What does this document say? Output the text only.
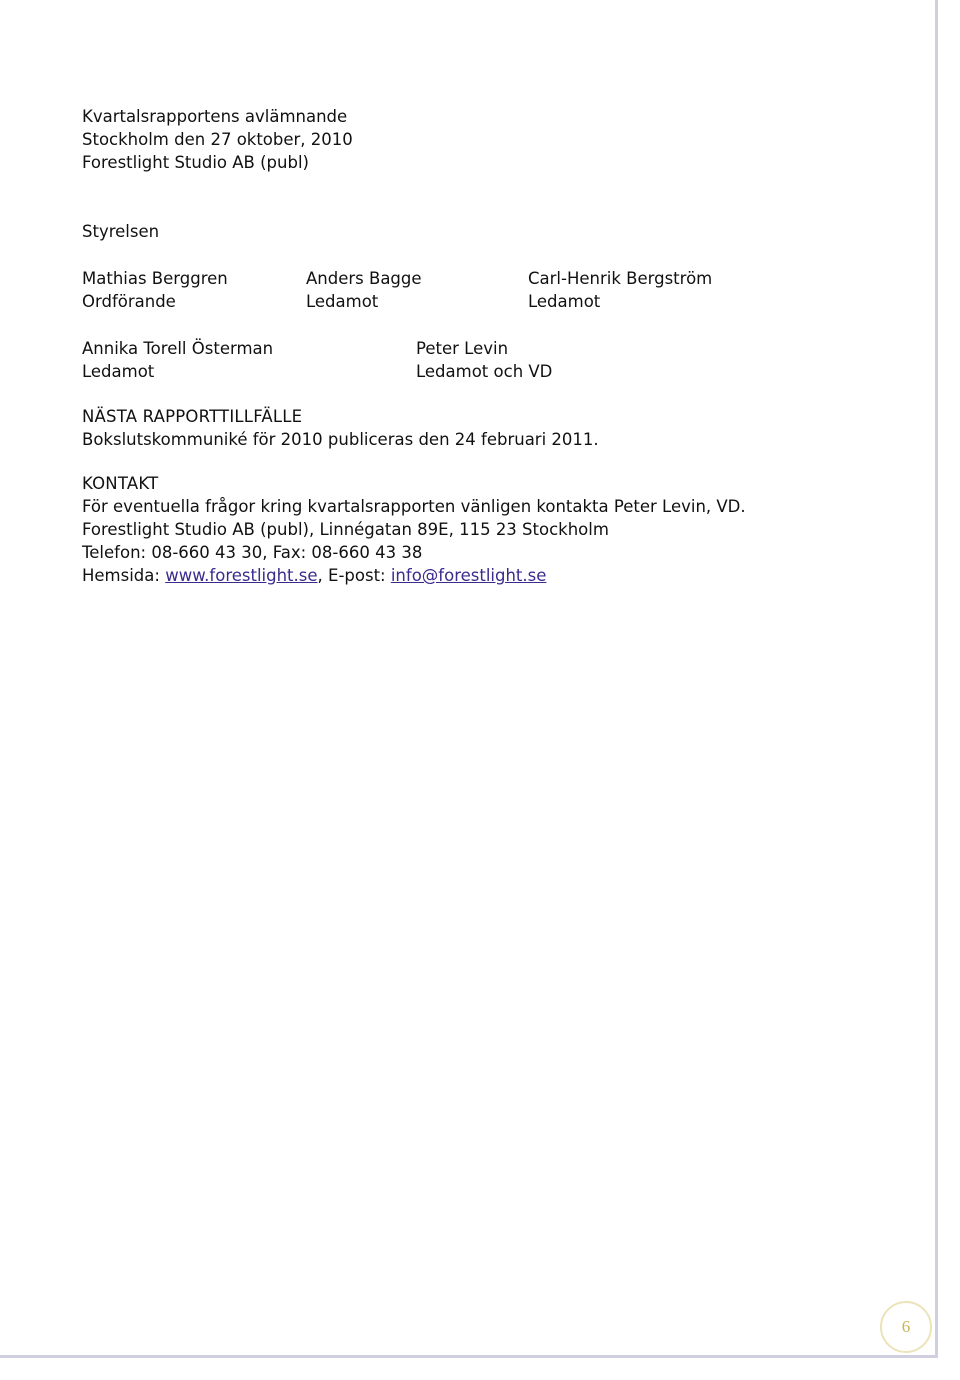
Kvartalsrapportens avlämnande
Stockholm den 27 oktober, 2010
Forestlight Studio AB (publ)
Styrelsen
Mathias Berggren
Ordförande
Anders Bagge
Ledamot
Carl-Henrik Bergström
Ledamot
Annika Torell Österman
Ledamot
Peter Levin
Ledamot och VD
NÄSTA RAPPORTTILLFÄLLE
Bokslutskommuniké för 2010 publiceras den 24 februari 2011.
KONTAKT
För eventuella frågor kring kvartalsrapporten vänligen kontakta Peter Levin, VD.
Forestlight Studio AB (publ), Linnégatan 89E, 115 23 Stockholm
Telefon: 08-660 43 30, Fax: 08-660 43 38
Hemsida: www.forestlight.se, E-post: info@forestlight.se
6
